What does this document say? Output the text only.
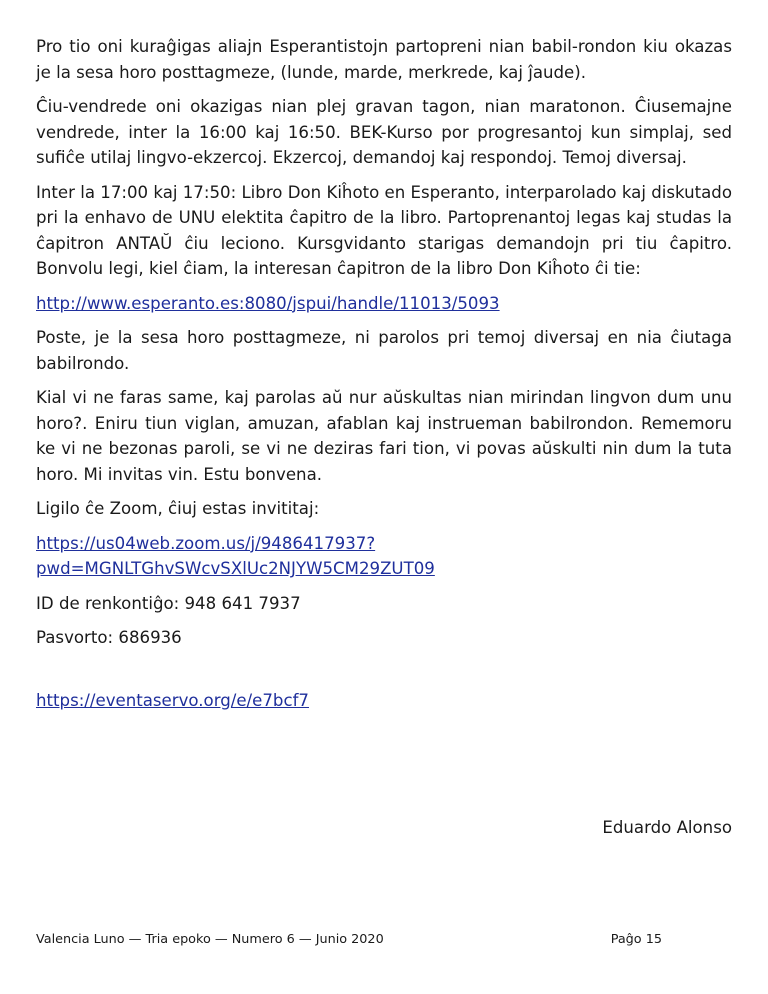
Pro tio oni kuraĝigas aliajn Esperantistojn partopreni nian babil-rondon kiu okazas je la sesa horo posttagmeze, (lunde, marde, merkrede, kaj ĵaude).

Ĉiu-vendrede oni okazigas nian plej gravan tagon, nian maratonon. Ĉiusemajne vendrede, inter la 16:00 kaj 16:50. BEK-Kurso por progresantoj kun simplaj, sed sufiĉe utilaj lingvo-ekzercoj. Ekzercoj, demandoj kaj respondoj. Temoj diversaj.

Inter la 17:00 kaj 17:50: Libro Don Kiĥoto en Esperanto, interparolado kaj diskutado pri la enhavo de UNU elektita ĉapitro de la libro. Partoprenantoj legas kaj studas la ĉapitron ANTAŬ ĉiu leciono. Kursgvidanto starigas demandojn pri tiu ĉapitro. Bonvolu legi, kiel ĉiam, la interesan ĉapitron de la libro Don Kiĥoto ĉi tie:

http://www.esperanto.es:8080/jspui/handle/11013/5093

Poste, je la sesa horo posttagmeze, ni parolos pri temoj diversaj en nia ĉiutaga babilrondo.

Kial vi ne faras same, kaj parolas aŭ nur aŭskultas nian mirindan lingvon dum unu horo?. Eniru tiun viglan, amuzan, afablan kaj instrueman babilrondon. Rememoru ke vi ne bezonas paroli, se vi ne deziras fari tion, vi povas aŭskulti nin dum la tuta horo. Mi invitas vin. Estu bonvena.

Ligilo ĉe Zoom, ĉiuj estas invititaj:

https://us04web.zoom.us/j/9486417937?
pwd=MGNLTGhvSWcvSXlUc2NJYW5CM29ZUT09

ID de renkontiĝo: 948 641 7937

Pasvorto: 686936

https://eventaservo.org/e/e7bcf7
Eduardo Alonso
Valencia Luno — Tria epoko — Numero 6 — Junio 2020	Paĝo 15
